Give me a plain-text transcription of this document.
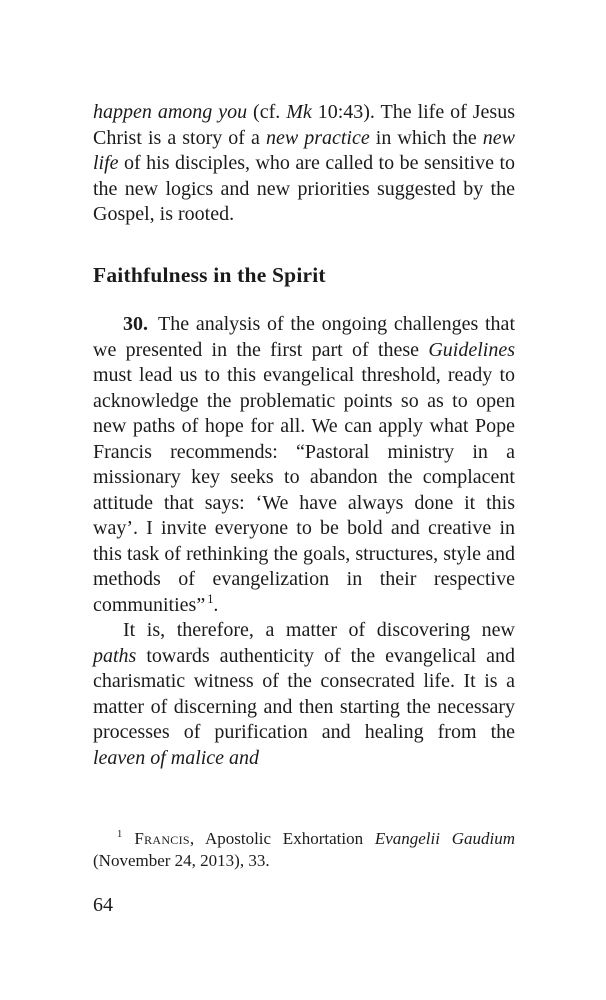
happen among you (cf. Mk 10:43). The life of Jesus Christ is a story of a new practice in which the new life of his disciples, who are called to be sensitive to the new logics and new priorities suggested by the Gospel, is rooted.

Faithfulness in the Spirit

30. The analysis of the ongoing challenges that we presented in the first part of these Guidelines must lead us to this evangelical threshold, ready to acknowledge the problematic points so as to open new paths of hope for all. We can apply what Pope Francis recommends: “Pastoral ministry in a missionary key seeks to abandon the complacent attitude that says: ‘We have always done it this way’. I invite everyone to be bold and creative in this task of rethinking the goals, structures, style and methods of evangelization in their respective communities” $^1$.

It is, therefore, a matter of discovering new paths towards authenticity of the evangelical and charismatic witness of the consecrated life. It is a matter of discerning and then starting the necessary processes of purification and healing from the leaven of malice and

$^1$ Francis, Apostolic Exhortation Evangelii Gaudium (November 24, 2013), 33.

64
